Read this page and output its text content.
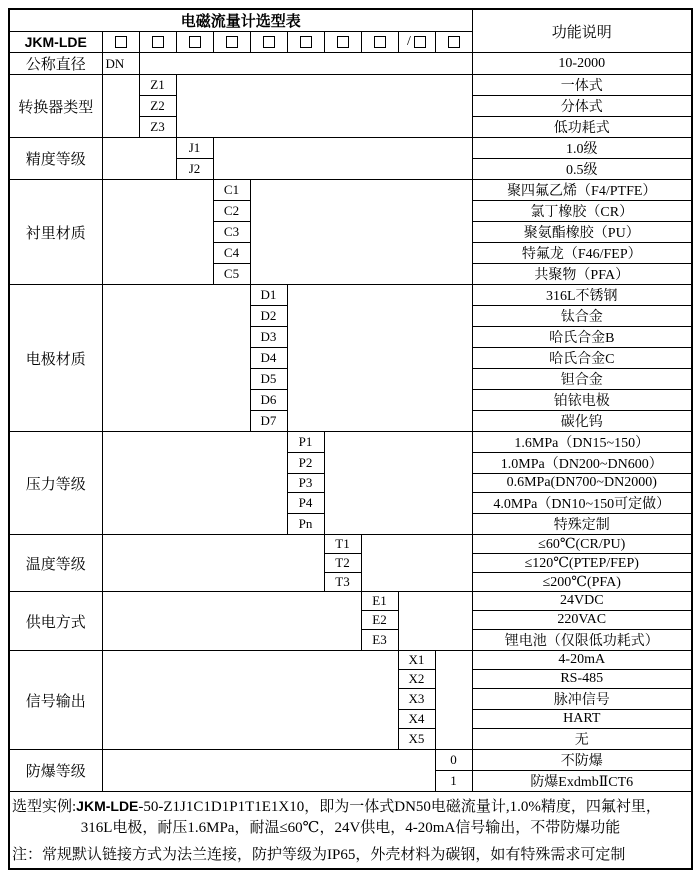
电磁流量计选型表											功能说明
JKM-LDE									/		
公称直径	DN										10-2000
转换器类型		Z1									一体式
		Z2									分体式
		Z3									低功耗式
精度等级			J1								1.0级
			J2								0.5级
衬里材质				C1							聚四氟乙烯（F4/PTFE）
				C2							氯丁橡胶（CR）
				C3							聚氨酯橡胶（PU）
				C4							特氟龙（F46/FEP）
				C5							共聚物（PFA）
电极材质					D1						316L不锈钢
					D2						钛合金
					D3						哈氏合金B
					D4						哈氏合金C
					D5						钽合金
					D6						铂铱电极
					D7						碳化钨
压力等级						P1					1.6MPa（DN15~150）
						P2					1.0MPa（DN200~DN600）
						P3					0.6MPa(DN700~DN2000)
						P4					4.0MPa（DN10~150可定做）
						Pn					特殊定制
温度等级							T1				≤60℃(CR/PU)
							T2				≤120℃(PTEP/FEP)
							T3				≤200℃(PFA)
供电方式								E1			24VDC
								E2			220VAC
								E3			锂电池（仅限低功耗式）
信号输出									X1		4-20mA
									X2		RS-485
									X3		脉冲信号
									X4		HART
									X5		无
防爆等级										0	不防爆
										1	防爆ExdmbⅡCT6

选型实例:JKM-LDE-50-Z1J1C1D1P1T1E1X10，即为一体式DN50电磁流量计,1.0%精度，四氟衬里，
316L电极，耐压1.6MPa，耐温≤60℃，24V供电，4-20mA信号输出，不带防爆功能
注：常规默认链接方式为法兰连接，防护等级为IP65，外壳材料为碳钢，如有特殊需求可定制											
